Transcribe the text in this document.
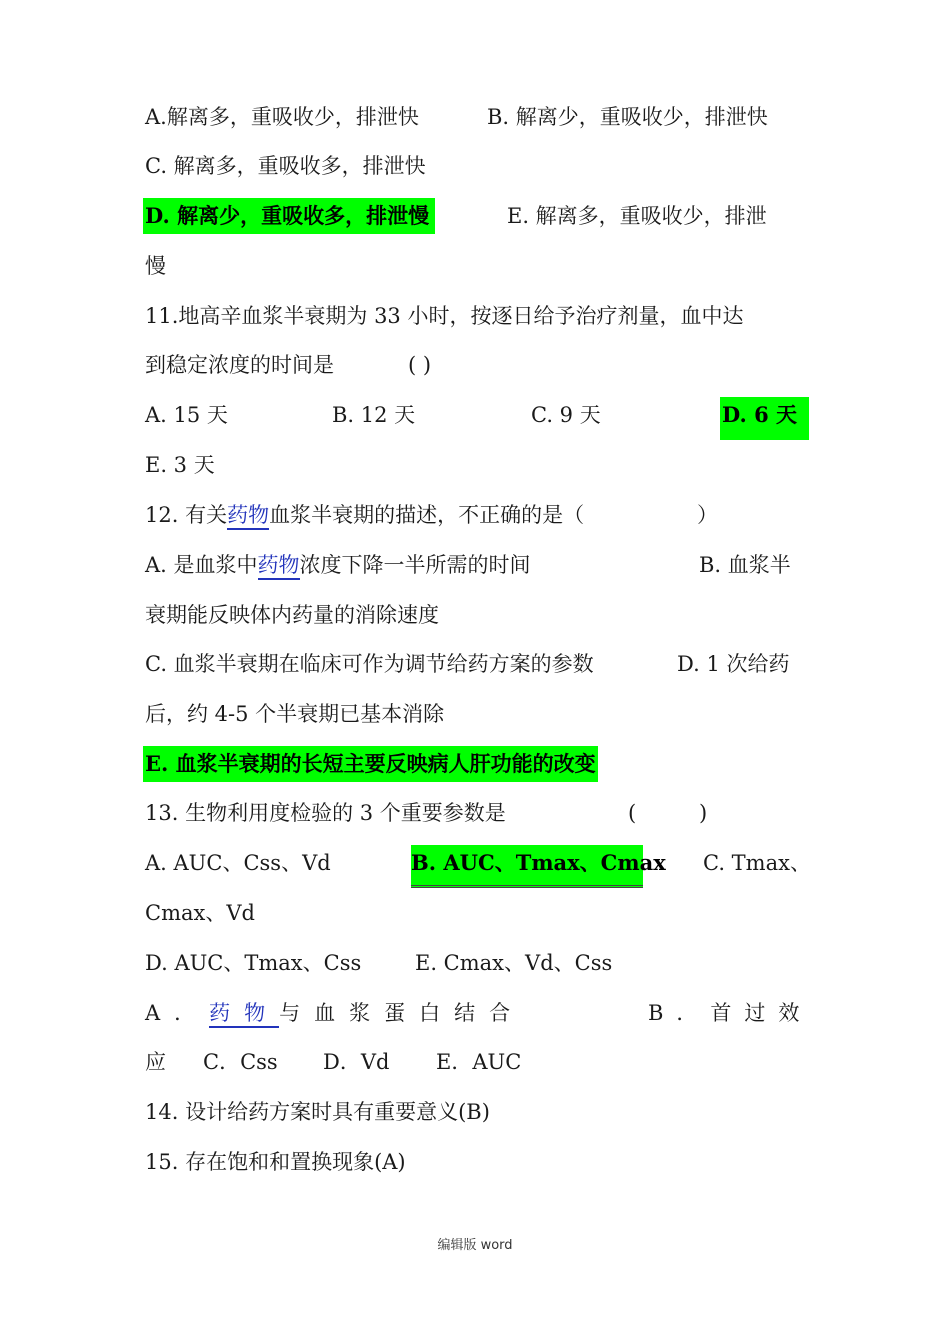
A.解离多，重吸收少，排泄快	B. 解离少，重吸收少，排泄快
C. 解离多，重吸收多，排泄快
D. 解离少，重吸收多，排泄慢	E. 解离多，重吸收少，排泄
慢
11.地高辛血浆半衰期为 33 小时，按逐日给予治疗剂量，血中达
到稳定浓度的时间是	( )
A. 15 天	B. 12 天	C. 9 天	D. 6 天
E. 3 天
12. 有关药物血浆半衰期的描述，不正确的是（	）
A. 是血浆中药物浓度下降一半所需的时间	B. 血浆半
衰期能反映体内药量的消除速度
C. 血浆半衰期在临床可作为调节给药方案的参数	D. 1 次给药
后，约 4-5 个半衰期已基本消除
E. 血浆半衰期的长短主要反映病人肝功能的改变
13. 生物利用度检验的 3 个重要参数是	(	)
A. AUC、Css、Vd	B. AUC、Tmax、Cmax C. Tmax、
Cmax、Vd
D. AUC、Tmax、Css	E. Cmax、Vd、Css
A．药物与血浆蛋白结合	B．首过效
应 C．Css D．Vd E．AUC
14. 设计给药方案时具有重要意义(B)
15. 存在饱和和置换现象(A)
编辑版 word
